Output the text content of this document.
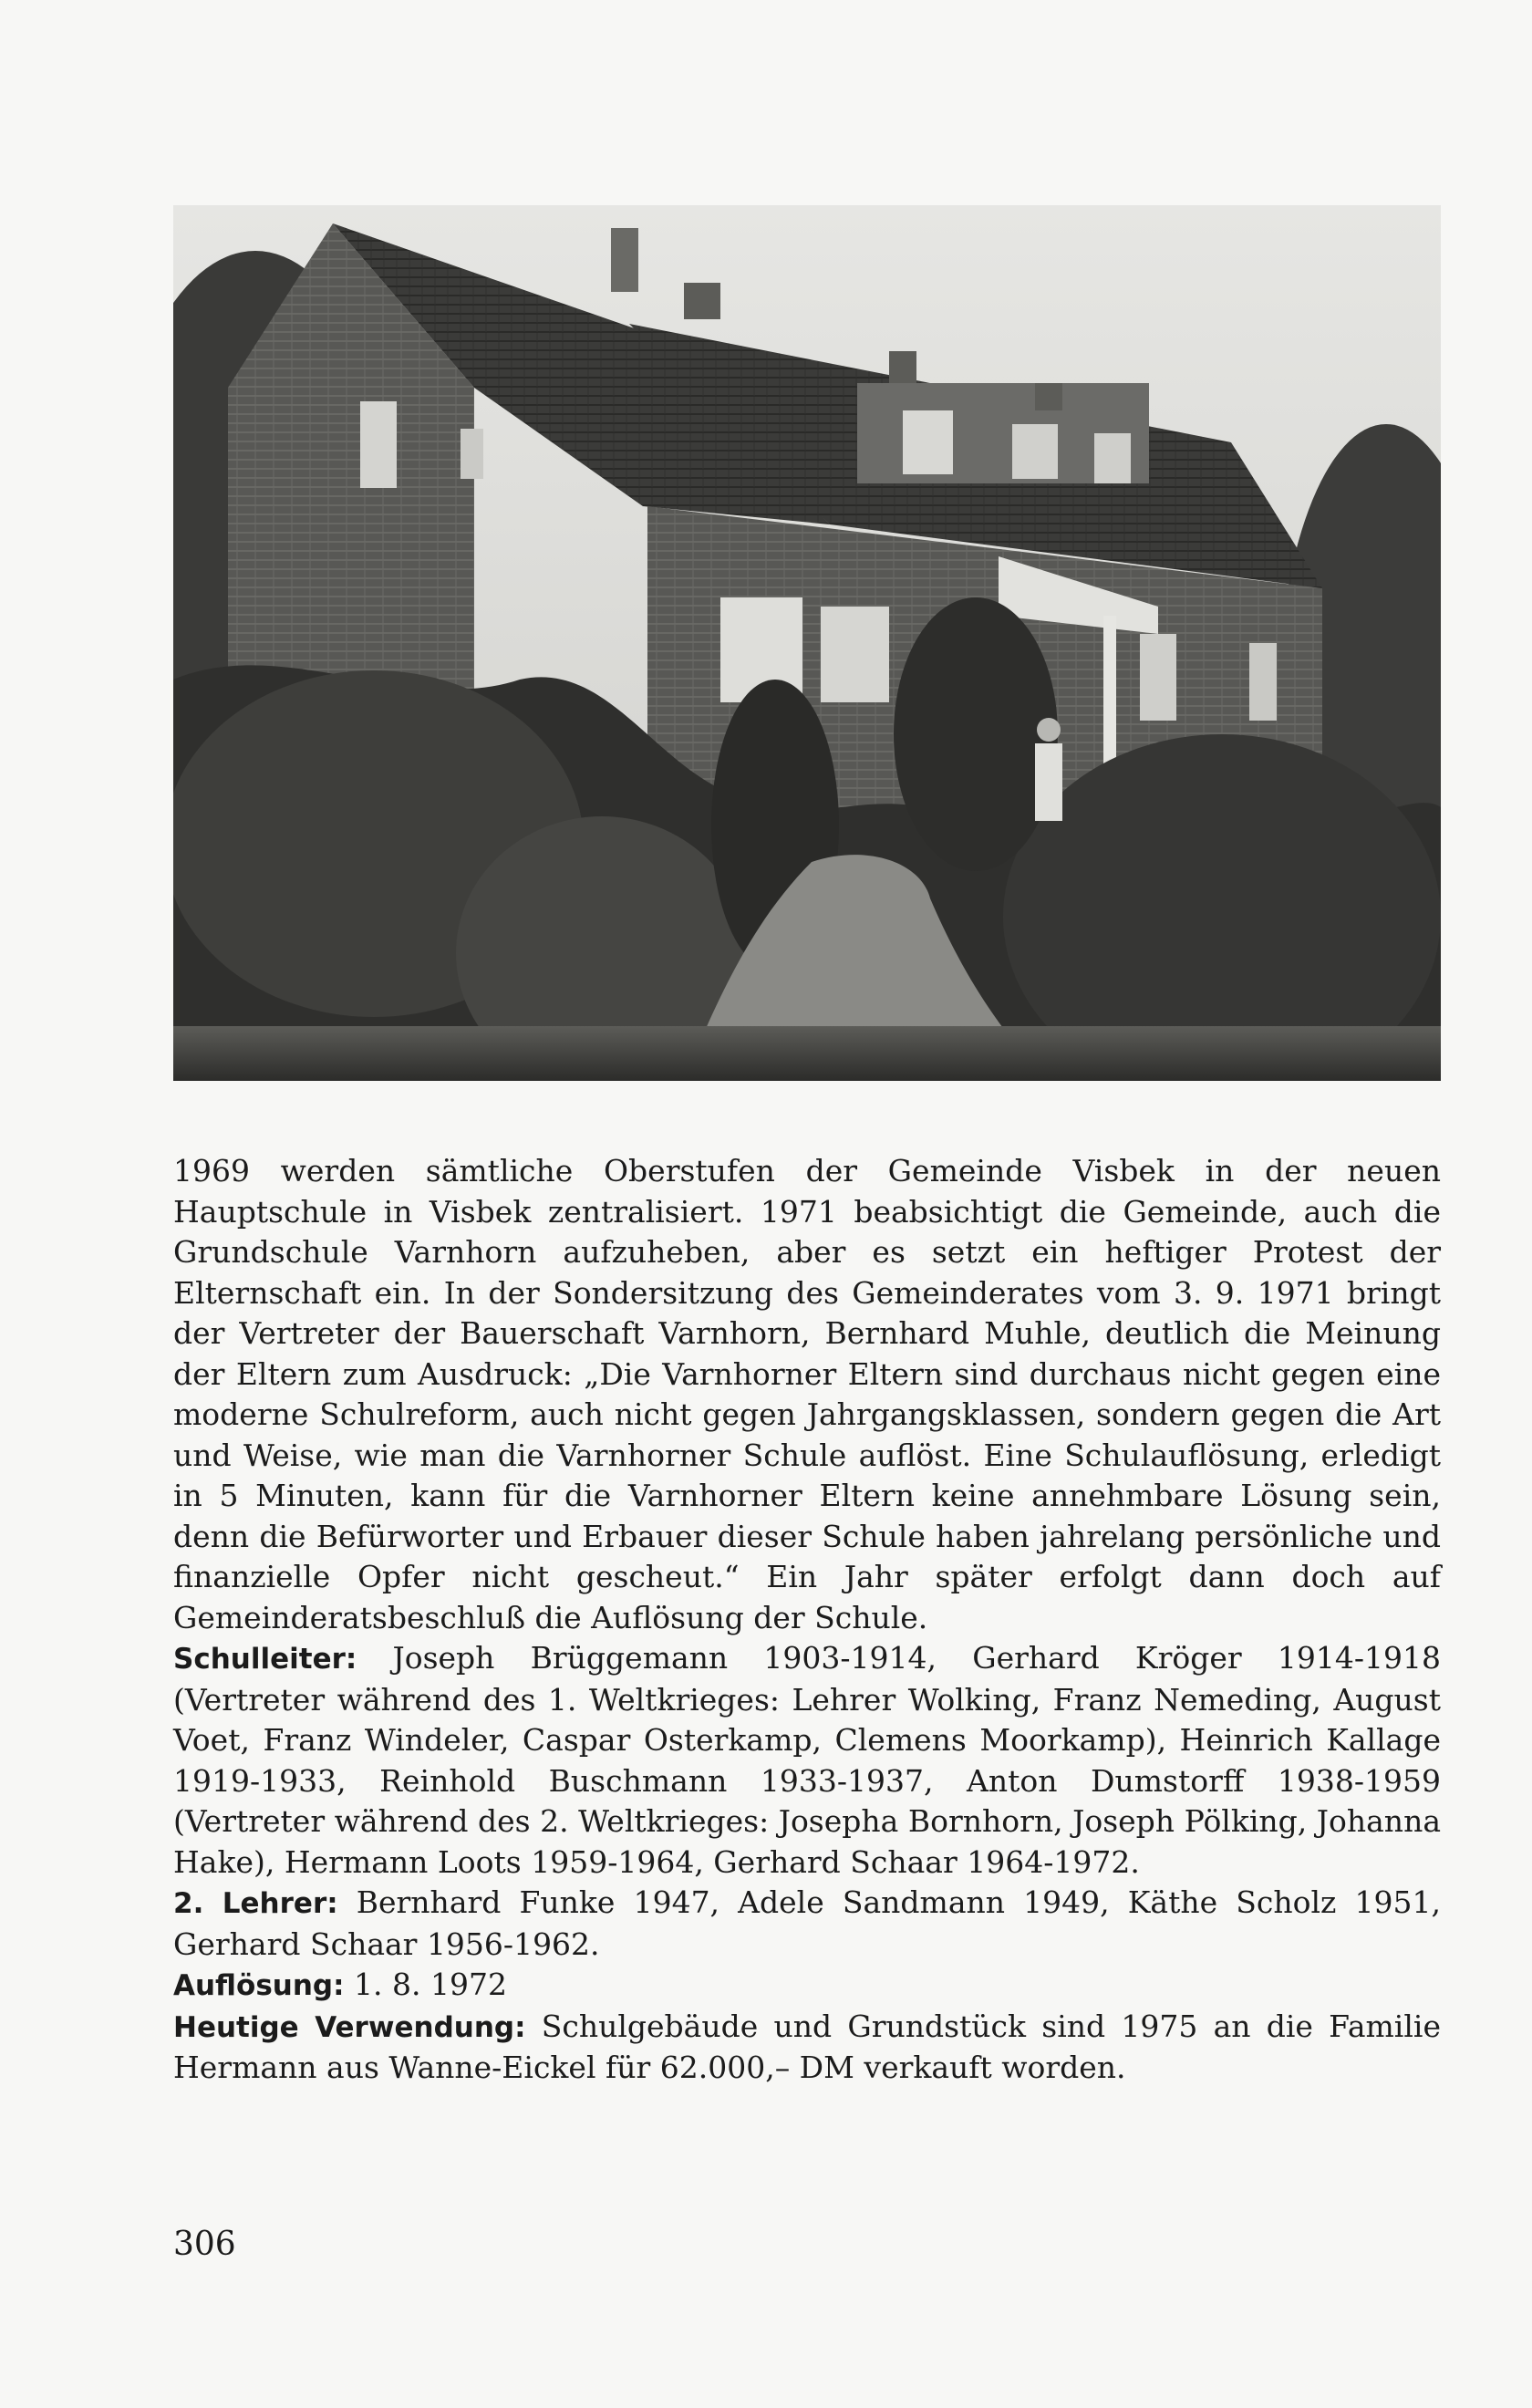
1969 werden sämtliche Oberstufen der Gemeinde Visbek in der neuen Hauptschule in Visbek zentralisiert. 1971 beabsichtigt die Gemeinde, auch die Grundschule Varnhorn aufzuheben, aber es setzt ein heftiger Protest der Elternschaft ein. In der Sondersitzung des Gemeinderates vom 3. 9. 1971 bringt der Vertreter der Bauerschaft Varnhorn, Bernhard Muhle, deutlich die Meinung der Eltern zum Ausdruck: „Die Varnhorner Eltern sind durchaus nicht gegen eine moderne Schulreform, auch nicht gegen Jahrgangsklassen, sondern gegen die Art und Weise, wie man die Varnhorner Schule auflöst. Eine Schulauflösung, erledigt in 5 Minuten, kann für die Varnhorner Eltern keine annehmbare Lösung sein, denn die Befürworter und Erbauer dieser Schule haben jahrelang persönliche und finanzielle Opfer nicht gescheut.“ Ein Jahr später erfolgt dann doch auf Gemeinderatsbeschluß die Auflösung der Schule.

Schulleiter: Joseph Brüggemann 1903-1914, Gerhard Kröger 1914-1918 (Vertreter während des 1. Weltkrieges: Lehrer Wolking, Franz Nemeding, August Voet, Franz Windeler, Caspar Osterkamp, Clemens Moorkamp), Heinrich Kallage 1919-1933, Reinhold Buschmann 1933-1937, Anton Dumstorff 1938-1959 (Vertreter während des 2. Weltkrieges: Josepha Bornhorn, Joseph Pölking, Johanna Hake), Hermann Loots 1959-1964, Gerhard Schaar 1964-1972.

2. Lehrer: Bernhard Funke 1947, Adele Sandmann 1949, Käthe Scholz 1951, Gerhard Schaar 1956-1962.

Auflösung: 1. 8. 1972

Heutige Verwendung: Schulgebäude und Grundstück sind 1975 an die Familie Hermann aus Wanne-Eickel für 62.000,– DM verkauft worden.

306
